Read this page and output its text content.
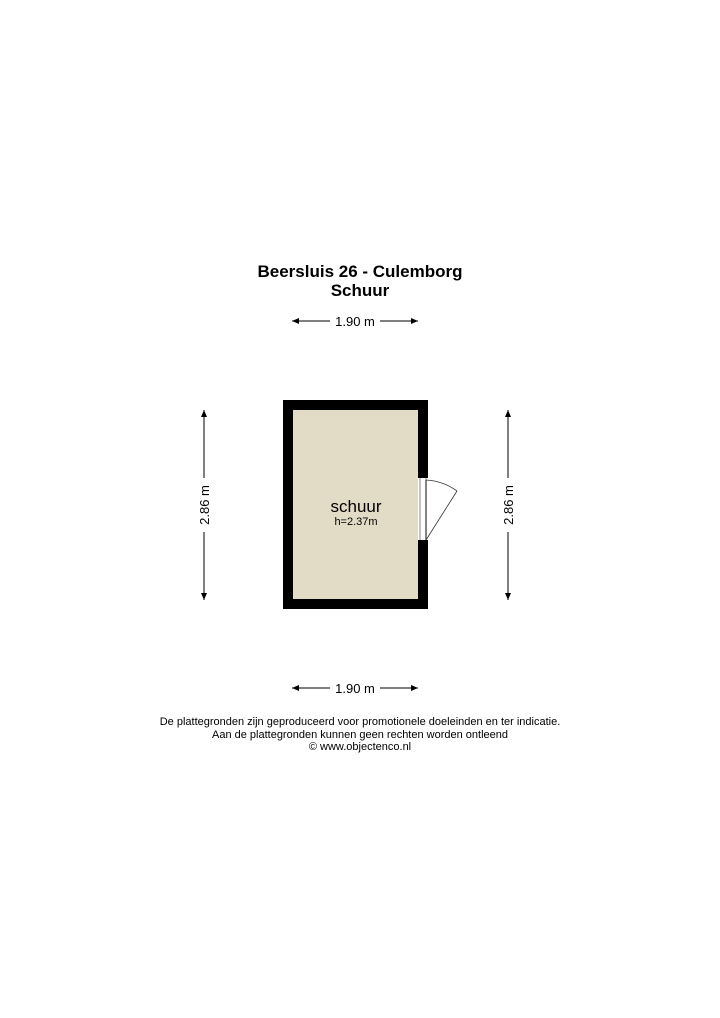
Beersluis 26 - Culemborg
Schuur
1.90 m
1.90 m
2.86 m	2.86 m
schuur
h=2.37m
De plattegronden zijn geproduceerd voor promotionele doeleinden en ter indicatie.
Aan de plattegronden kunnen geen rechten worden ontleend
© www.objectenco.nl
